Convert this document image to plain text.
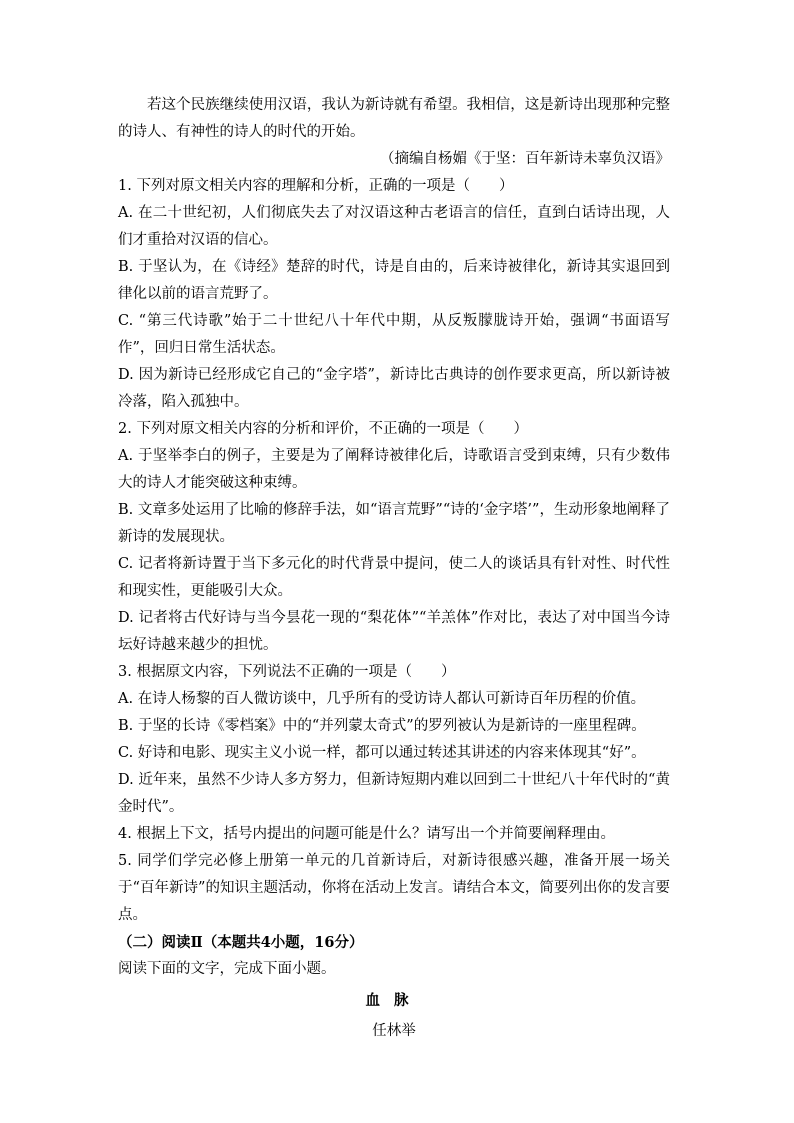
若这个民族继续使用汉语，我认为新诗就有希望。我相信，这是新诗出现那种完整的诗人、有神性的诗人的时代的开始。

（摘编自杨媚《于坚：百年新诗未辜负汉语》

1. 下列对原文相关内容的理解和分析，正确的一项是（　　）

A. 在二十世纪初，人们彻底失去了对汉语这种古老语言的信任，直到白话诗出现，人们才重拾对汉语的信心。

B. 于坚认为，在《诗经》楚辞的时代，诗是自由的，后来诗被律化，新诗其实退回到律化以前的语言荒野了。

C. “第三代诗歌”始于二十世纪八十年代中期，从反叛朦胧诗开始，强调“书面语写作”，回归日常生活状态。

D. 因为新诗已经形成它自己的“金字塔”，新诗比古典诗的创作要求更高，所以新诗被冷落，陷入孤独中。

2. 下列对原文相关内容的分析和评价，不正确的一项是（　　）

A. 于坚举李白的例子，主要是为了阐释诗被律化后，诗歌语言受到束缚，只有少数伟大的诗人才能突破这种束缚。

B. 文章多处运用了比喻的修辞手法，如“语言荒野”“诗的‘金字塔’”，生动形象地阐释了新诗的发展现状。

C. 记者将新诗置于当下多元化的时代背景中提问，使二人的谈话具有针对性、时代性和现实性，更能吸引大众。

D. 记者将古代好诗与当今昙花一现的“梨花体”“羊羔体”作对比，表达了对中国当今诗坛好诗越来越少的担忧。

3. 根据原文内容，下列说法不正确的一项是（　　）

A. 在诗人杨黎的百人微访谈中，几乎所有的受访诗人都认可新诗百年历程的价值。

B. 于坚的长诗《零档案》中的“并列蒙太奇式”的罗列被认为是新诗的一座里程碑。

C. 好诗和电影、现实主义小说一样，都可以通过转述其讲述的内容来体现其“好”。

D. 近年来，虽然不少诗人多方努力，但新诗短期内难以回到二十世纪八十年代时的“黄金时代”。

4. 根据上下文，括号内提出的问题可能是什么？请写出一个并简要阐释理由。

5. 同学们学完必修上册第一单元的几首新诗后，对新诗很感兴趣，准备开展一场关于“百年新诗”的知识主题活动，你将在活动上发言。请结合本文，简要列出你的发言要点。

（二）阅读Ⅱ（本题共4小题，16分）

阅读下面的文字，完成下面小题。

血脉

任林举
